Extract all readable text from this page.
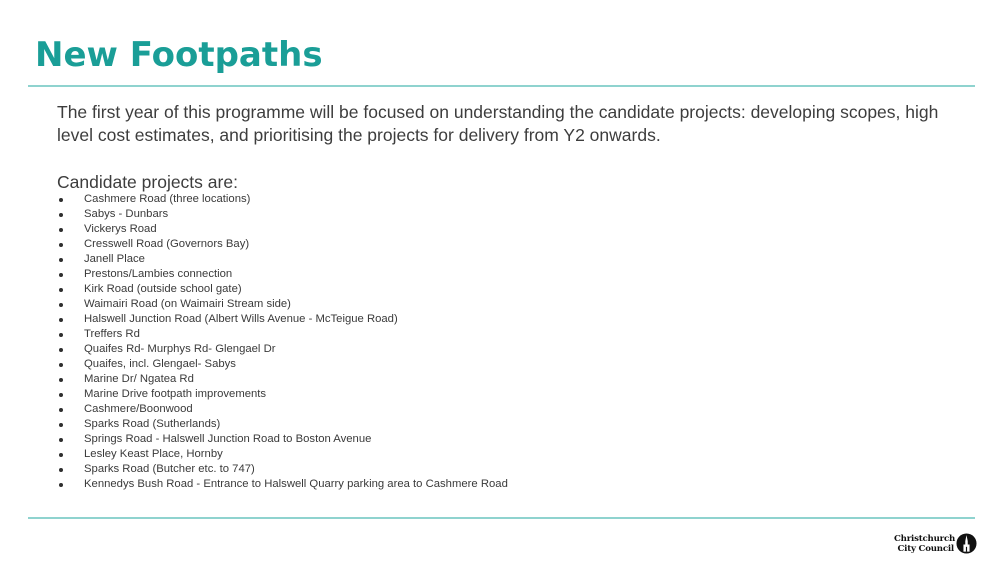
New Footpaths

The first year of this programme will be focused on understanding the candidate projects: developing scopes, high level cost estimates, and prioritising the projects for delivery from Y2 onwards.

Candidate projects are:

Cashmere Road (three locations)
Sabys - Dunbars
Vickerys Road
Cresswell Road (Governors Bay)
Janell Place
Prestons/Lambies connection
Kirk Road (outside school gate)
Waimairi Road (on Waimairi Stream side)
Halswell Junction Road (Albert Wills Avenue - McTeigue Road)
Treffers Rd
Quaifes Rd- Murphys Rd- Glengael Dr
Quaifes, incl. Glengael- Sabys
Marine Dr/ Ngatea Rd
Marine Drive footpath improvements
Cashmere/Boonwood
Sparks Road (Sutherlands)
Springs Road - Halswell Junction Road to Boston Avenue
Lesley Keast Place, Hornby
Sparks Road (Butcher etc. to 747)
Kennedys Bush Road - Entrance to Halswell Quarry parking area to Cashmere Road
Christchurch
City Council
